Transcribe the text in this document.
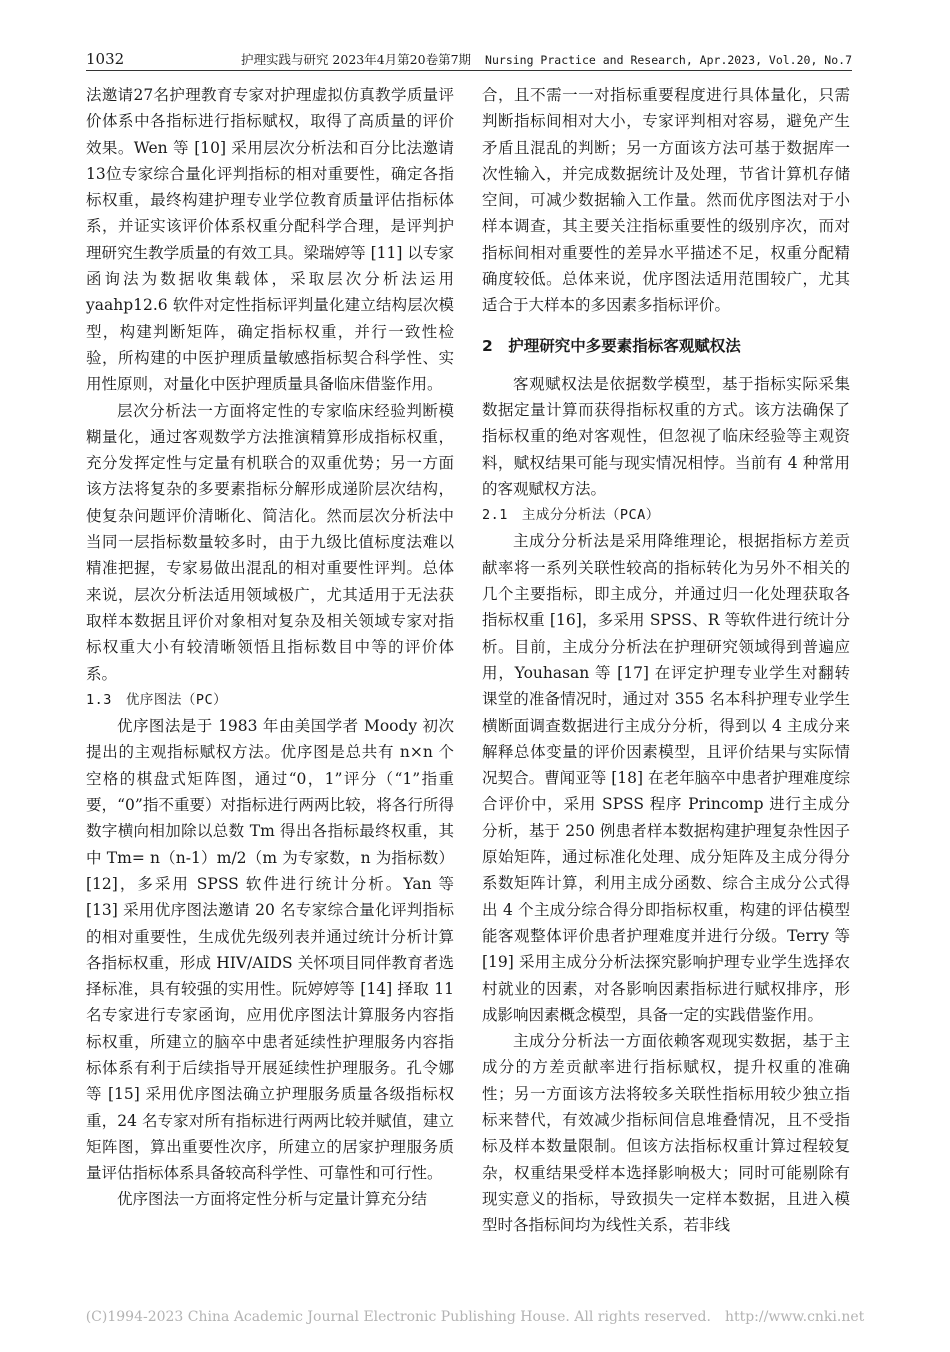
1032	护理实践与研究 2023年4月第20卷第7期 Nursing Practice and Research, Apr.2023, Vol.20, No.7

法邀请27名护理教育专家对护理虚拟仿真教学质量评价体系中各指标进行指标赋权，取得了高质量的评价效果。Wen 等 [10] 采用层次分析法和百分比法邀请13位专家综合量化评判指标的相对重要性，确定各指标权重，最终构建护理专业学位教育质量评估指标体系，并证实该评价体系权重分配科学合理，是评判护理研究生教学质量的有效工具。梁瑞婷等 [11] 以专家函询法为数据收集载体，采取层次分析法运用 yaahp12.6 软件对定性指标评判量化建立结构层次模型，构建判断矩阵，确定指标权重，并行一致性检验，所构建的中医护理质量敏感指标契合科学性、实用性原则，对量化中医护理质量具备临床借鉴作用。

层次分析法一方面将定性的专家临床经验判断模糊量化，通过客观数学方法推演精算形成指标权重，充分发挥定性与定量有机联合的双重优势；另一方面该方法将复杂的多要素指标分解形成递阶层次结构，使复杂问题评价清晰化、简洁化。然而层次分析法中当同一层指标数量较多时，由于九级比值标度法难以精准把握，专家易做出混乱的相对重要性评判。总体来说，层次分析法适用领域极广，尤其适用于无法获取样本数据且评价对象相对复杂及相关领域专家对指标权重大小有较清晰领悟且指标数目中等的评价体系。

1.3　优序图法（PC）

优序图法是于 1983 年由美国学者 Moody 初次提出的主观指标赋权方法。优序图是总共有 n×n 个空格的棋盘式矩阵图，通过“0，1”评分（“1”指重要，“0”指不重要）对指标进行两两比较，将各行所得数字横向相加除以总数 Tm 得出各指标最终权重，其中 Tm= n（n-1）m/2（m 为专家数，n 为指标数）[12]，多采用 SPSS 软件进行统计分析。Yan 等 [13] 采用优序图法邀请 20 名专家综合量化评判指标的相对重要性，生成优先级列表并通过统计分析计算各指标权重，形成 HIV/AIDS 关怀项目同伴教育者选择标准，具有较强的实用性。阮婷婷等 [14] 择取 11 名专家进行专家函询，应用优序图法计算服务内容指标权重，所建立的脑卒中患者延续性护理服务内容指标体系有利于后续指导开展延续性护理服务。孔令娜等 [15] 采用优序图法确立护理服务质量各级指标权重，24 名专家对所有指标进行两两比较并赋值，建立矩阵图，算出重要性次序，所建立的居家护理服务质量评估指标体系具备较高科学性、可靠性和可行性。

优序图法一方面将定性分析与定量计算充分结

合，且不需一一对指标重要程度进行具体量化，只需判断指标间相对大小，专家评判相对容易，避免产生矛盾且混乱的判断；另一方面该方法可基于数据库一次性输入，并完成数据统计及处理，节省计算机存储空间，可减少数据输入工作量。然而优序图法对于小样本调查，其主要关注指标重要性的级别序次，而对指标间相对重要性的差异水平描述不足，权重分配精确度较低。总体来说，优序图法适用范围较广，尤其适合于大样本的多因素多指标评价。

2　护理研究中多要素指标客观赋权法

客观赋权法是依据数学模型，基于指标实际采集数据定量计算而获得指标权重的方式。该方法确保了指标权重的绝对客观性，但忽视了临床经验等主观资料，赋权结果可能与现实情况相悖。当前有 4 种常用的客观赋权方法。

2.1　主成分分析法（PCA）

主成分分析法是采用降维理论，根据指标方差贡献率将一系列关联性较高的指标转化为另外不相关的几个主要指标，即主成分，并通过归一化处理获取各指标权重 [16]，多采用 SPSS、R 等软件进行统计分析。目前，主成分分析法在护理研究领域得到普遍应用，Youhasan 等 [17] 在评定护理专业学生对翻转课堂的准备情况时，通过对 355 名本科护理专业学生横断面调查数据进行主成分分析，得到以 4 主成分来解释总体变量的评价因素模型，且评价结果与实际情况契合。曹闻亚等 [18] 在老年脑卒中患者护理难度综合评价中，采用 SPSS 程序 Princomp 进行主成分分析，基于 250 例患者样本数据构建护理复杂性因子原始矩阵，通过标准化处理、成分矩阵及主成分得分系数矩阵计算，利用主成分函数、综合主成分公式得出 4 个主成分综合得分即指标权重，构建的评估模型能客观整体评价患者护理难度并进行分级。Terry 等 [19] 采用主成分分析法探究影响护理专业学生选择农村就业的因素，对各影响因素指标进行赋权排序，形成影响因素概念模型，具备一定的实践借鉴作用。

主成分分析法一方面依赖客观现实数据，基于主成分的方差贡献率进行指标赋权，提升权重的准确性；另一方面该方法将较多关联性指标用较少独立指标来替代，有效减少指标间信息堆叠情况，且不受指标及样本数量限制。但该方法指标权重计算过程较复杂，权重结果受样本选择影响极大；同时可能剔除有现实意义的指标，导致损失一定样本数据，且进入模型时各指标间均为线性关系，若非线

(C)1994-2023 China Academic Journal Electronic Publishing House. All rights reserved.　http://www.cnki.net
